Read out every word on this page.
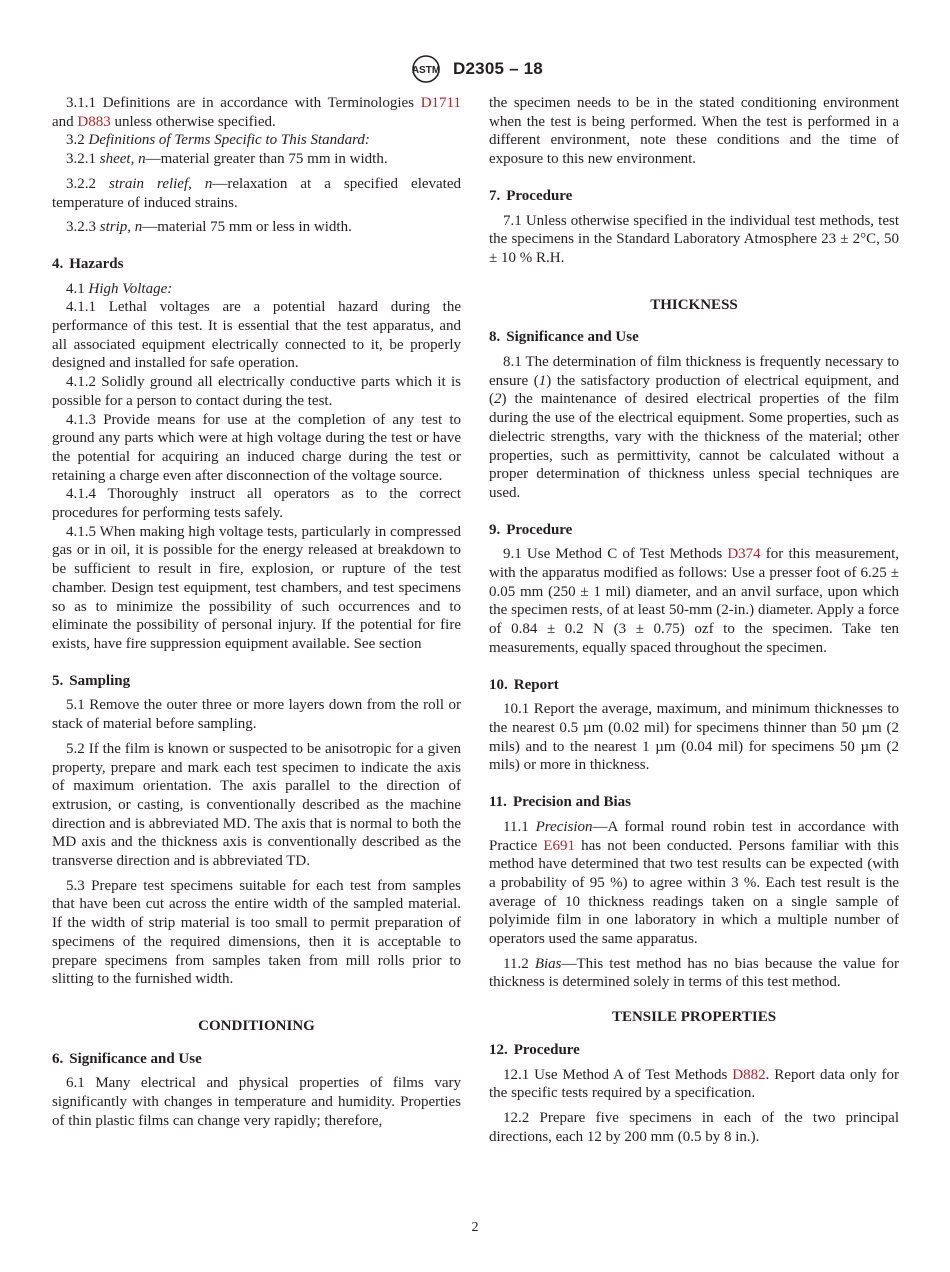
ASTM D2305 – 18

3.1.1 Definitions are in accordance with Terminologies D1711 and D883 unless otherwise specified.

3.2 Definitions of Terms Specific to This Standard:

3.2.1 sheet, n—material greater than 75 mm in width.

3.2.2 strain relief, n—relaxation at a specified elevated temperature of induced strains.

3.2.3 strip, n—material 75 mm or less in width.

4. Hazards

4.1 High Voltage:

4.1.1 Lethal voltages are a potential hazard during the performance of this test. It is essential that the test apparatus, and all associated equipment electrically connected to it, be properly designed and installed for safe operation.

4.1.2 Solidly ground all electrically conductive parts which it is possible for a person to contact during the test.

4.1.3 Provide means for use at the completion of any test to ground any parts which were at high voltage during the test or have the potential for acquiring an induced charge during the test or retaining a charge even after disconnection of the voltage source.

4.1.4 Thoroughly instruct all operators as to the correct procedures for performing tests safely.

4.1.5 When making high voltage tests, particularly in compressed gas or in oil, it is possible for the energy released at breakdown to be sufficient to result in fire, explosion, or rupture of the test chamber. Design test equipment, test chambers, and test specimens so as to minimize the possibility of such occurrences and to eliminate the possibility of personal injury. If the potential for fire exists, have fire suppression equipment available. See section

5. Sampling

5.1 Remove the outer three or more layers down from the roll or stack of material before sampling.

5.2 If the film is known or suspected to be anisotropic for a given property, prepare and mark each test specimen to indicate the axis of maximum orientation. The axis parallel to the direction of extrusion, or casting, is conventionally described as the machine direction and is abbreviated MD. The axis that is normal to both the MD axis and the thickness axis is conventionally described as the transverse direction and is abbreviated TD.

5.3 Prepare test specimens suitable for each test from samples that have been cut across the entire width of the sampled material. If the width of strip material is too small to permit preparation of specimens of the required dimensions, then it is acceptable to prepare specimens from samples taken from mill rolls prior to slitting to the furnished width.

CONDITIONING
6. Significance and Use

6.1 Many electrical and physical properties of films vary significantly with changes in temperature and humidity. Properties of thin plastic films can change very rapidly; therefore,

the specimen needs to be in the stated conditioning environment when the test is being performed. When the test is performed in a different environment, note these conditions and the time of exposure to this new environment.

7. Procedure

7.1 Unless otherwise specified in the individual test methods, test the specimens in the Standard Laboratory Atmosphere 23 ± 2°C, 50 ± 10 % R.H.

THICKNESS
8. Significance and Use

8.1 The determination of film thickness is frequently necessary to ensure (1) the satisfactory production of electrical equipment, and (2) the maintenance of desired electrical properties of the film during the use of the electrical equipment. Some properties, such as dielectric strengths, vary with the thickness of the material; other properties, such as permittivity, cannot be calculated without a proper determination of thickness unless special techniques are used.

9. Procedure

9.1 Use Method C of Test Methods D374 for this measurement, with the apparatus modified as follows: Use a presser foot of 6.25 ± 0.05 mm (250 ± 1 mil) diameter, and an anvil surface, upon which the specimen rests, of at least 50-mm (2-in.) diameter. Apply a force of 0.84 ± 0.2 N (3 ± 0.75) ozf to the specimen. Take ten measurements, equally spaced throughout the specimen.

10. Report

10.1 Report the average, maximum, and minimum thicknesses to the nearest 0.5 µm (0.02 mil) for specimens thinner than 50 µm (2 mils) and to the nearest 1 µm (0.04 mil) for specimens 50 µm (2 mils) or more in thickness.

11. Precision and Bias

11.1 Precision—A formal round robin test in accordance with Practice E691 has not been conducted. Persons familiar with this method have determined that two test results can be expected (with a probability of 95 %) to agree within 3 %. Each test result is the average of 10 thickness readings taken on a single sample of polyimide film in one laboratory in which a multiple number of operators used the same apparatus.

11.2 Bias—This test method has no bias because the value for thickness is determined solely in terms of this test method.

TENSILE PROPERTIES
12. Procedure

12.1 Use Method A of Test Methods D882. Report data only for the specific tests required by a specification.

12.2 Prepare five specimens in each of the two principal directions, each 12 by 200 mm (0.5 by 8 in.).

2
